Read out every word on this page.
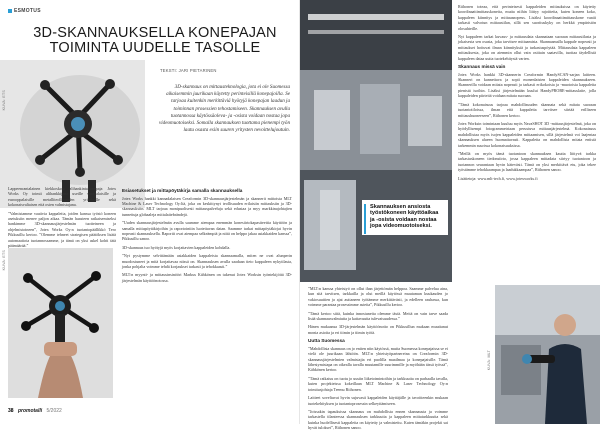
ESMOTUS
KUVA: ETS
3D-SKANNAUKSELLA KONEPAJAN
TOIMINTA UUDELLE TASOLLE
TEKSTI: JARI PIETARINEN
3D-skannaus on mittausteknologia, jota ei ole Suomessa aikaisemmin juurikaan käytetty perinteisillä konepajoilla. Se tarjoaa kuitenkin merkittäviä hyötyjä konepajan laadun ja toiminnan prosessien tehostamiseen. Skannauksen avulla tuotannossa käytössäoleva- ja -osista voidaan nostaa jopa videomuotoiseksi. Somalla skannauksen tuottama pienempi työn laatu osasta esiin suuren yritysten nevoittelujoutuin.

Lappeenrantalainen kiekkoskosi alihankintakonepaja Jotex Works Oy toimii alihankkijana useille suomalaisille ja eurooppalaisille metalliteollisuuden yrityksille sekä kokonaisvaltaisen että osien valmistajana.

”Valmistamme vaativia kappaleita, joiden kanssa työstö koneen asetuksiin menee paljon aikaa. Tämän haasteen ratkaisemiseksi hankimme 3D-skannausjärjestelmän tuotteineen ja ohjelmistoineen”, Jotex Works Oy:n tuotantopäällikkö Tero Pikkusillu kertoo. ”Olemme tehneet strategisen päätöksen lisätä automaatiota tuotannossamme, ja tämä on yksi askel kohti tätä päämäärää.”

KUVA: ETS
Esiasetukset ja mittapöytäkirja samalla skannauksella

Jotex Works hankki kannadalaisen Creaformin 3D-skannausjärjestelmän ja skannerit mittoista MLT Machine & Laser Technology Oy:ltä, joka on keskittynyt teollisuuden erilaisiin mittauksiin ja 3D-skannauksiin. MLT tarjoaa monipuolisesti mittauspalveluja sekä edustaa ja myy markkinajohtajien tunnettuja globaaleja mittalaitebrändejä.

”Uuden skannausjärjestelmän avulla saamme aiempaa enemmän konesiirtokapasiteettia käyttöön ja samalla mittapöytäkirjoihin ja raportointiin luotettavan datan. Saamme tarkat mittapöytäkirjat hyvin nopeasti skannauksella. Raportit ovat aiempaa selkeämpiä ja niitä on helppo jakaa asiakkaiden kanssa”, Pikkusillu sanoo.

3D-skannaus tuo hyötyjä myös korjattavien kappaleiden kohdalla.

”Nyt pystymme selvittämään asiakkaiden kappaleista skannaamalla, miten ne ovat alunperin muodostuneet ja mitä korjattavaa niissä on. Skannauksen avulla saadaan tieto kappaleen nykytilasta, jonka pohjalta voimme tehdä korjaukset tarkasti ja tehokkaasti.”

MLT:n myynti- ja mittausinsinööri Markus Kähkönen on tukenut Jotex Worksin työntekijöitä 3D-järjestelmän käyttöönotossa.

38 promotalli 5/2022
Skannauksen ansiosta työstökoneen käyttöaikaa ja -osista voidaan nostaa jopa videomuotoiseksi.

Riihonen toteaa, että perinteisesti kappaleiden mittauksissa on käytetty koordinaattimittauskoneita, mutta niihin liittyy rajoitteita, kuten koneen koko, kappaleen kiinnitys ja mittausnopeus. Lisäksi koordinaattimittauskone vaatii tarkasti valvotun mittaustilan, sillä sen suorituskyky on herkkä ympäristön olosuhteille.

Nyt kappaleen tarkat kuvaus- ja mittausdata skannataan suoraan mittaustilasta ja jokaisesta sen osasta, joka tarvitsee mittaamista. Skannaamalla kappale nopeasti ja mittaukset hoituvat ilman kiinnityksiä ja tarkastuspöytää. Mittausdata kappaleen mittauksesta, joka on aiemmin ollut vain osittain saatavilla, tuottaa täydellistä kappaleen dataa uutta tuotekehitystä varten.

Skannaus missä vain

Jotex Works hankki 3D-skannerin Creaformin HandySCAN-sarjan laitteen. Skanneri on kannettava ja sopii monenlaisten kappaleiden skannaukseen. Skannerilla voidaan mitata nopeasti ja tarkasti erikokoisia ja -muotoisia kappaleita pienistä isoihin. Lisäksi järjestelmään kuului HandyPROBE-mittauslaite, jolla kappaleiden piirteitä voidaan mitata suoraan.

”Tämä kokonaisuus tarjoaa mahdollisuuden skannata sekä mitata suoraan tuotantotiloissa, ilman että kappaleita tarvitsee siirtää erilliseen mittaushuoneeseen”, Riihonen kertoo.

Jotex Worksin toimintaan kuuluu myös NavaSHOT 3D -mittausjärjestelmä, joka on hyödyllisempi fotogrammetriaan perustuva mittausjärjestelmä. Kokonaisuus mahdollistaa myös isojen kappaleiden mittaamisen, sillä järjestelmä voi laajentaa skannauksen alueen huomattavasti. Kappaleita on mahdollista mitata entistä tarkemmin suurissa kokonaisuuksissa.

”Meillä on myös tämä tuotantoon skannauksen kautta liittyvä tarkka tarkastuskoneen tiedonsiirto, jossa kappaleen mittadata siirtyy tuotantoon ja tuotannon seurantaan hyvin kätevästi. Tämä on yksi merkittävä etu, joka tekee työstämme tehokkaampaa ja laadukkaampaa”, Riihonen sanoo.

Lisätietoja: www.mlt-tech.fi, www.jotexworks.fi

”MLT:n kanssa yhteistyö on ollut ihan järjettömän helppoa. Saamme palvelua aina, kun sitä tarvitsen, tarkkailla ja olut meillä käytössä muutaman kuukauden jo vakiosuuttien ja ajat auttaneen työtämme merkittävästi, ja edelleen rauhassa, kun voimme parantaa prosessimme asteita”, Pikkusillu kertoo.

”Tämä kertoo siitä, kuinka innostuneita olemme tästä. Meitä on vain tarve saada lisää skannausvalmiutta ja kattavuutta tulevaisuudessa.”

Hänen mukaansa 3D-järjestelmän käyttöönotto on Pikkusillun mukaan muuttanut monia asioita ja eri tiimin ja tiimin työtä.

Uutta Suomessa

”Mahdollista skannaus on jo eniten niin käytössä, mutta Suomessa konepajaissa se ei vielä ole juurikaan lähtöön. MLT:n yhteistyöpartnereina on Creaformin 3D-skannausjärjestelmien valmistajia eri puolilla maailmaa ja konepajaisille. Tämä lähestymistapa on oikealla tavalla muutamille suurimmille ja myöhään tässä työssä”, Kähkönen kertoo.

”Tämä ratkaisu on tuotu jo uusiin liiketoimintoihin ja tarkkuutta on parhaalla tavalla, kuten projekteissa kokeillaan MLT Machine & Laser Technology Oy:n toimitusjohtaja Teemu Riihonen.

Laitteet soveltuvat hyvin sujuvasti kappaleiden käyttäjälle ja tavoitteenkin mukaan tuotekehityksen ja tuotantoprosessin selkeyttämiseen.

”Joissakin tapauksissa skannaus on mahdollista ennen skannausta ja voimme tarkastella tilanteessa skannauksen tarkkuutta ja kappaleen mittatarkkuutta sekä kuinka huolellisesti kappaleita on käytetty ja valmistettu. Kuten tämäkin projekti sai hyvät tulokset”, Riihonen sanoo.

KUVA: MLT
